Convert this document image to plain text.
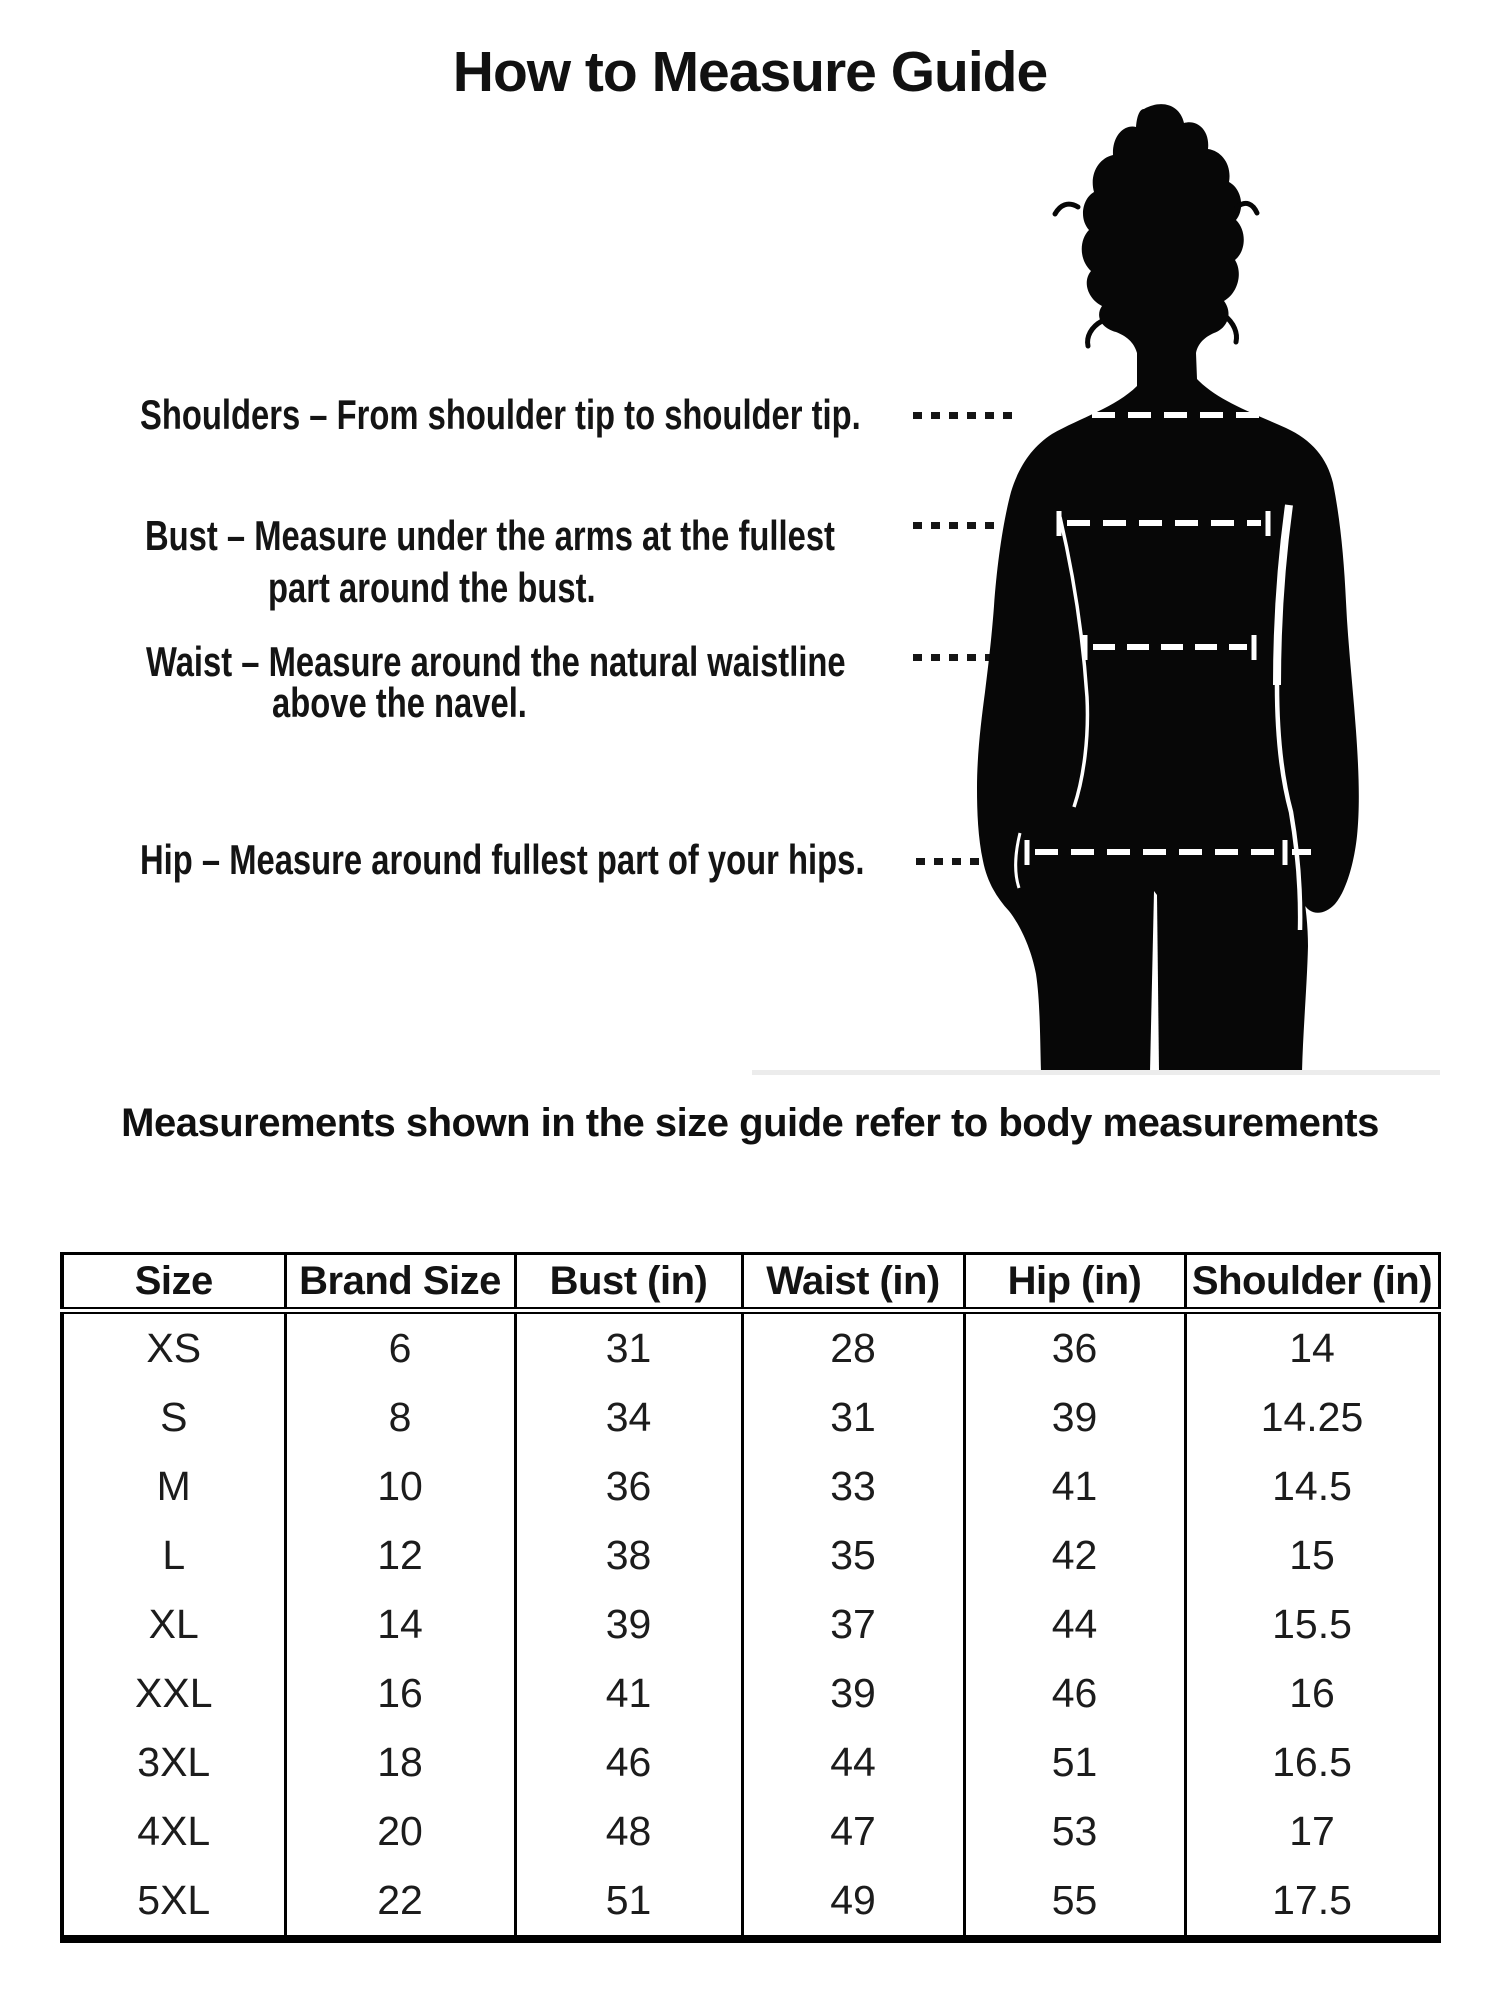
How to Measure Guide
Shoulders – From shoulder tip to shoulder tip.
Bust – Measure under the arms at the fullest
part around the bust.
Waist – Measure around the natural waistline
above the navel.
Hip – Measure around fullest part of your hips.
Measurements shown in the size guide refer to body measurements
Size	Brand Size	Bust (in)	Waist (in)	Hip (in)	Shoulder (in)
XS	6	31	28	36	14
S	8	34	31	39	14.25
M	10	36	33	41	14.5
L	12	38	35	42	15
XL	14	39	37	44	15.5
XXL	16	41	39	46	16
3XL	18	46	44	51	16.5
4XL	20	48	47	53	17
5XL	22	51	49	55	17.5
